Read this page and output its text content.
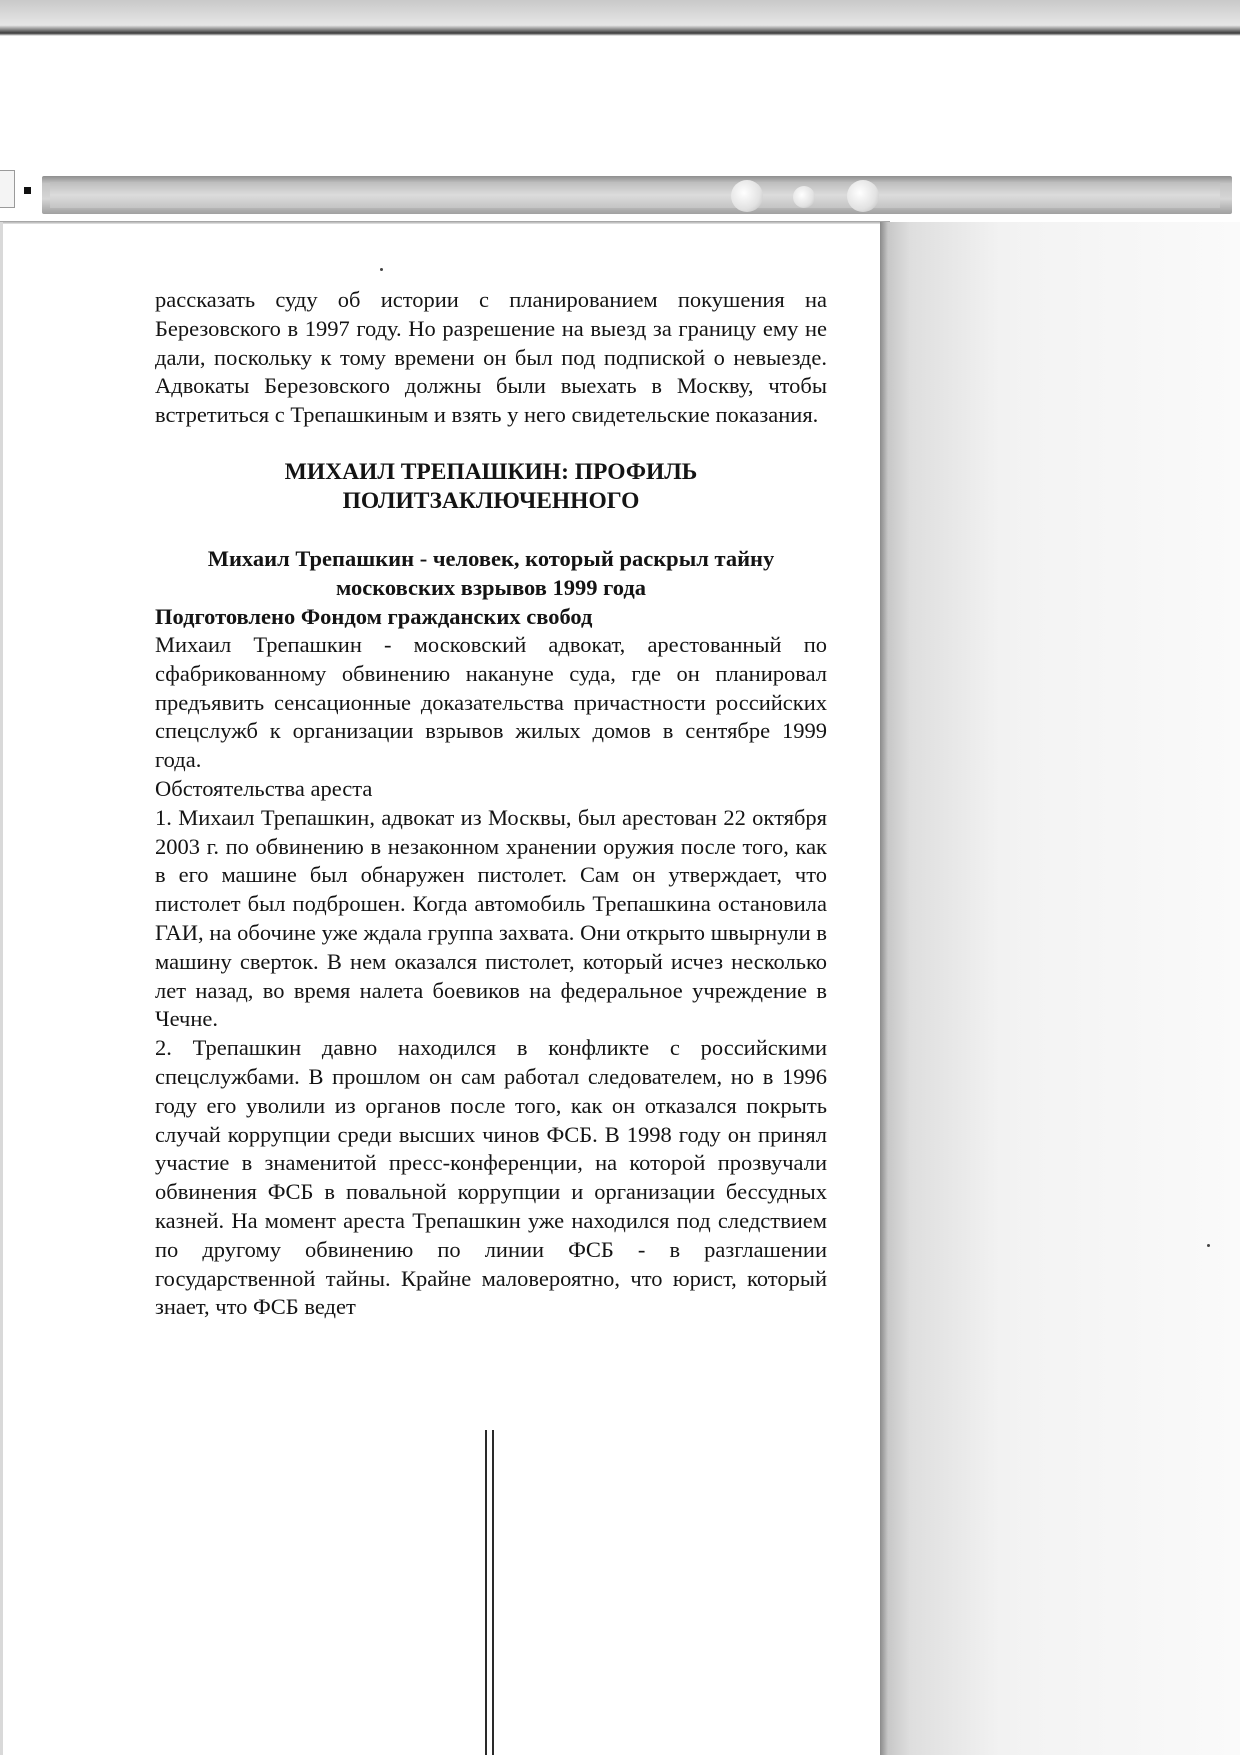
рассказать суду об истории с планированием покушения на Березовского в 1997 году. Но разрешение на выезд за границу ему не дали, поскольку к тому времени он был под подпиской о невыезде. Адвокаты Березовского должны были выехать в Москву, чтобы встретиться с Трепашкиным и взять у него свидетельские показания.

МИХАИЛ ТРЕПАШКИН: ПРОФИЛЬ ПОЛИТЗАКЛЮЧЕННОГО

Михаил Трепашкин - человек, который раскрыл тайну московских взрывов 1999 года

Подготовлено Фондом гражданских свобод

Михаил Трепашкин - московский адвокат, арестованный по сфабрикованному обвинению накануне суда, где он планировал предъявить сенсационные доказательства причастности российских спецслужб к организации взрывов жилых домов в сентябре 1999 года.

Обстоятельства ареста

1. Михаил Трепашкин, адвокат из Москвы, был арестован 22 октября 2003 г. по обвинению в незаконном хранении оружия после того, как в его машине был обнаружен пистолет. Сам он утверждает, что пистолет был подброшен. Когда автомобиль Трепашкина остановила ГАИ, на обочине уже ждала группа захвата. Они открыто швырнули в машину сверток. В нем оказался пистолет, который исчез несколько лет назад, во время налета боевиков на федеральное учреждение в Чечне.

2. Трепашкин давно находился в конфликте с российскими спецслужбами. В прошлом он сам работал следователем, но в 1996 году его уволили из органов после того, как он отказался покрыть случай коррупции среди высших чинов ФСБ. В 1998 году он принял участие в знаменитой пресс-конференции, на которой прозвучали обвинения ФСБ в повальной коррупции и организации бессудных казней. На момент ареста Трепашкин уже находился под следствием по другому обвинению по линии ФСБ - в разглашении государственной тайны. Крайне маловероятно, что юрист, который знает, что ФСБ ведет
